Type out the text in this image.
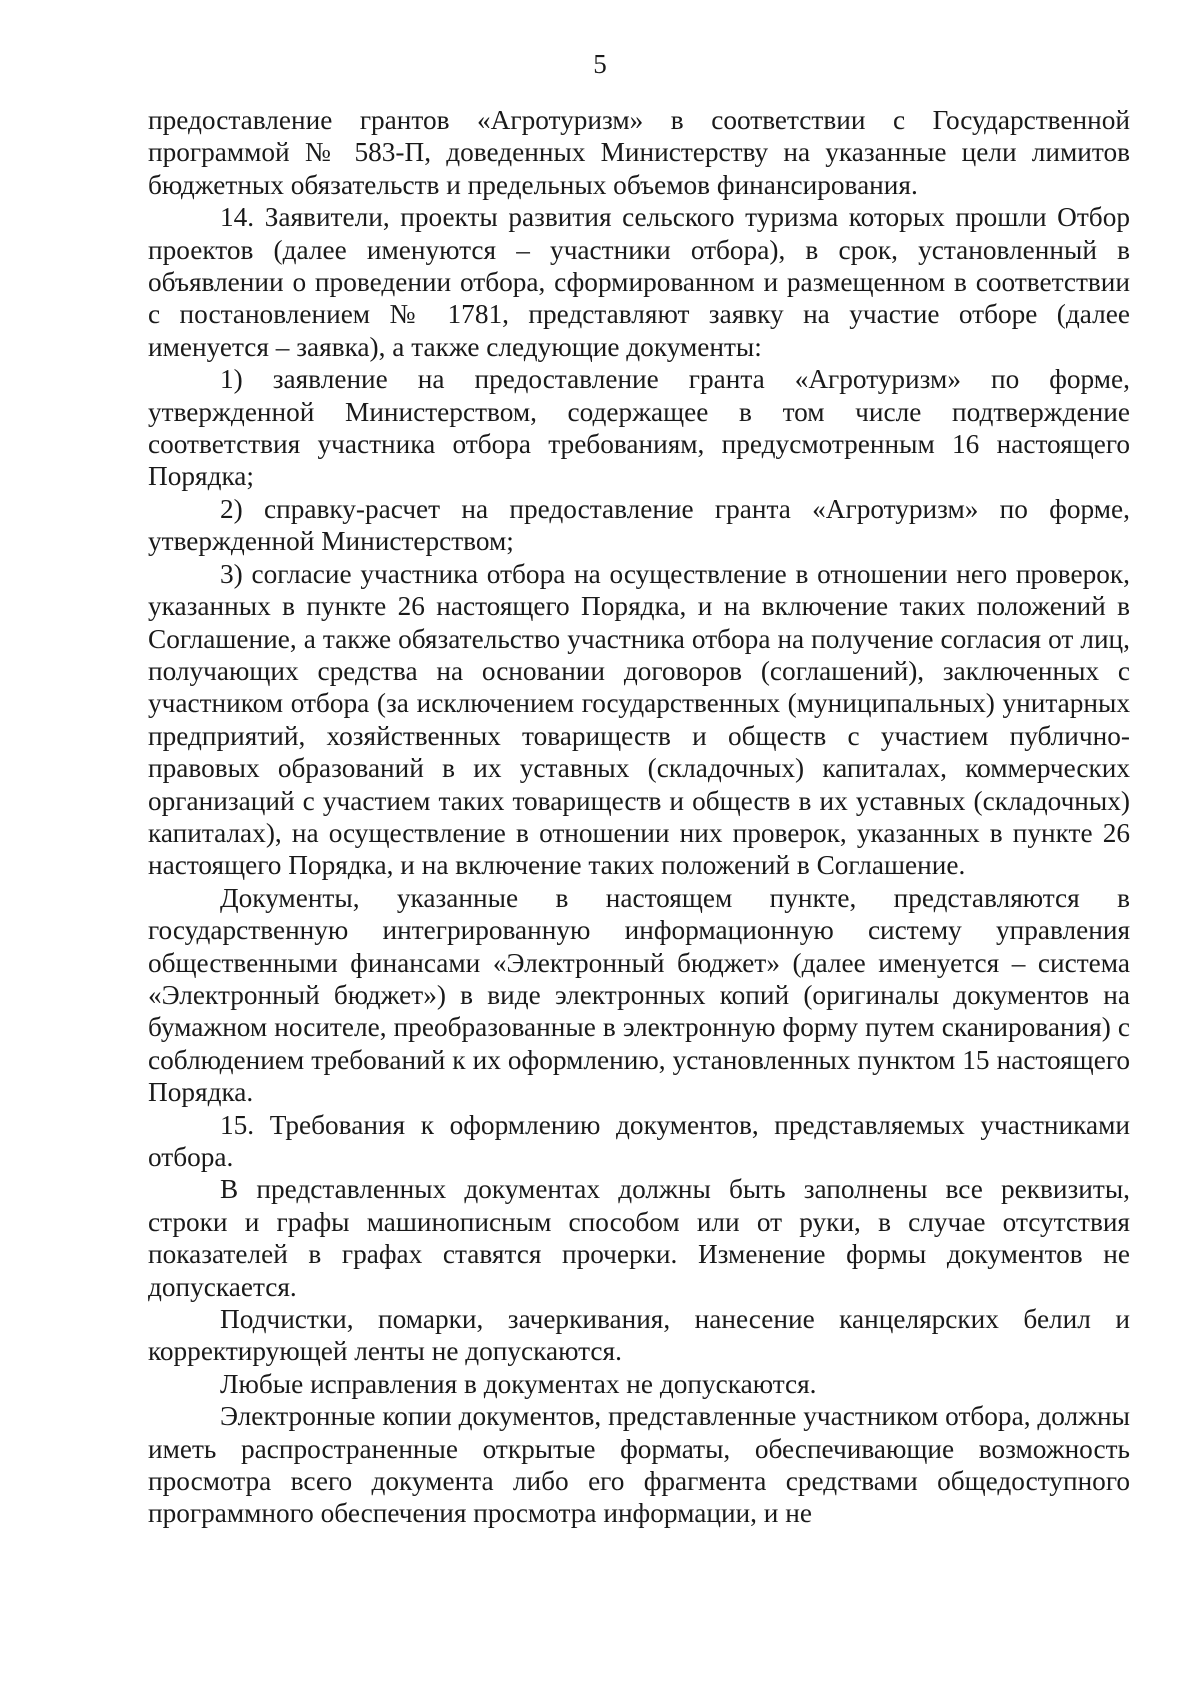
5

предоставление грантов «Агротуризм» в соответствии с Государственной программой № 583-П, доведенных Министерству на указанные цели лимитов бюджетных обязательств и предельных объемов финансирования.

14. Заявители, проекты развития сельского туризма которых прошли Отбор проектов (далее именуются – участники отбора), в срок, установленный в объявлении о проведении отбора, сформированном и размещенном в соответствии с постановлением № 1781, представляют заявку на участие отборе (далее именуется – заявка), а также следующие документы:

1) заявление на предоставление гранта «Агротуризм» по форме, утвержденной Министерством, содержащее в том числе подтверждение соответствия участника отбора требованиям, предусмотренным 16 настоящего Порядка;

2) справку-расчет на предоставление гранта «Агротуризм» по форме, утвержденной Министерством;

3) согласие участника отбора на осуществление в отношении него проверок, указанных в пункте 26 настоящего Порядка, и на включение таких положений в Соглашение, а также обязательство участника отбора на получение согласия от лиц, получающих средства на основании договоров (соглашений), заключенных с участником отбора (за исключением государственных (муниципальных) унитарных предприятий, хозяйственных товариществ и обществ с участием публично-правовых образований в их уставных (складочных) капиталах, коммерческих организаций с участием таких товариществ и обществ в их уставных (складочных) капиталах), на осуществление в отношении них проверок, указанных в пункте 26 настоящего Порядка, и на включение таких положений в Соглашение.

Документы, указанные в настоящем пункте, представляются в государственную интегрированную информационную систему управления общественными финансами «Электронный бюджет» (далее именуется – система «Электронный бюджет») в виде электронных копий (оригиналы документов на бумажном носителе, преобразованные в электронную форму путем сканирования) с соблюдением требований к их оформлению, установленных пунктом 15 настоящего Порядка.

15. Требования к оформлению документов, представляемых участниками отбора.

В представленных документах должны быть заполнены все реквизиты, строки и графы машинописным способом или от руки, в случае отсутствия показателей в графах ставятся прочерки. Изменение формы документов не допускается.

Подчистки, помарки, зачеркивания, нанесение канцелярских белил и корректирующей ленты не допускаются.

Любые исправления в документах не допускаются.

Электронные копии документов, представленные участником отбора, должны иметь распространенные открытые форматы, обеспечивающие возможность просмотра всего документа либо его фрагмента средствами общедоступного программного обеспечения просмотра информации, и не
